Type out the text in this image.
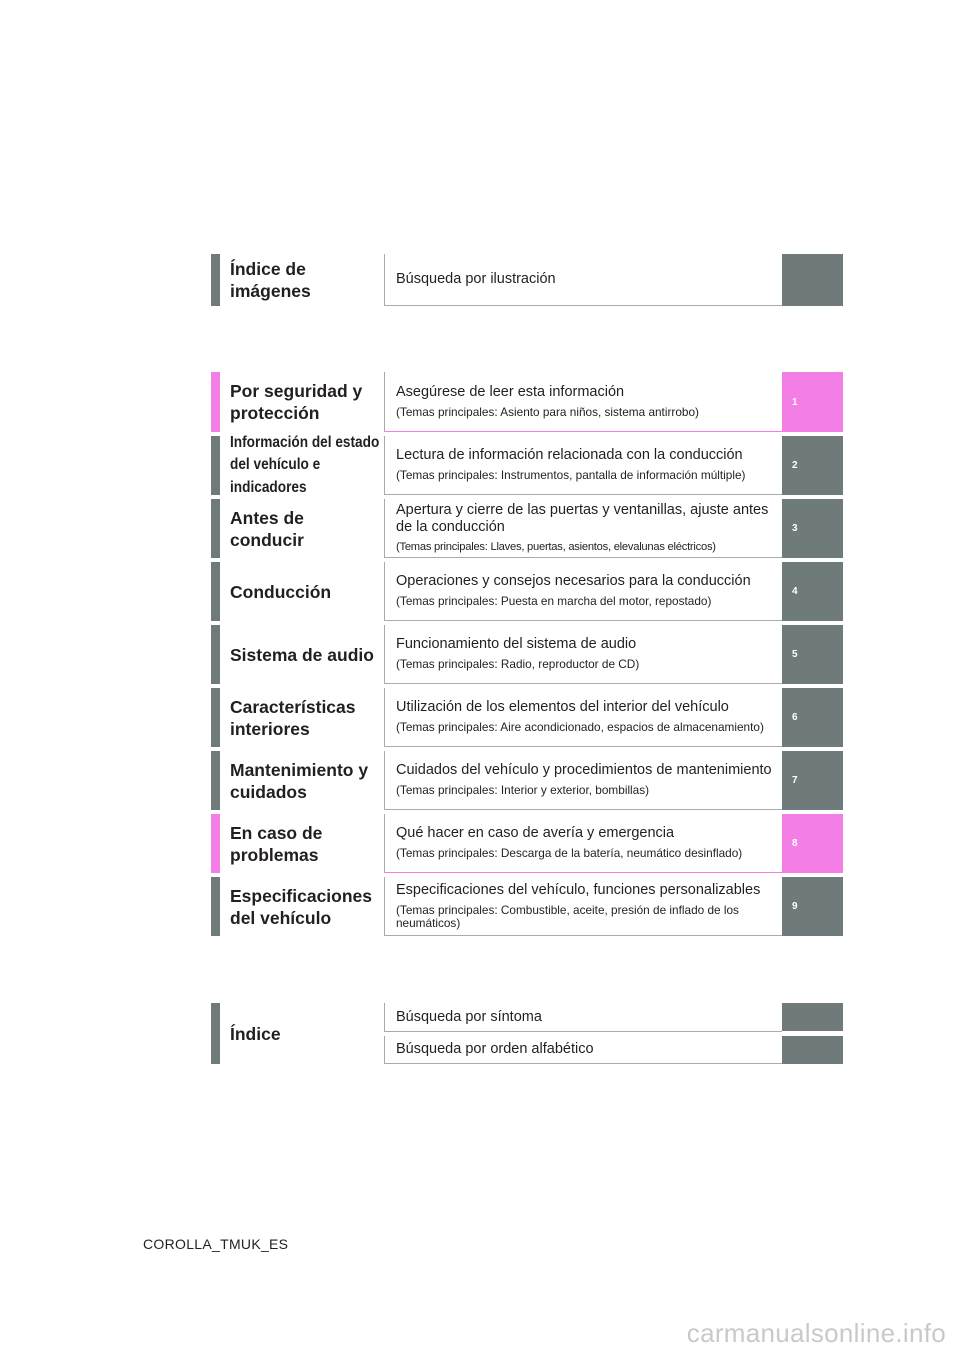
Índice de imágenes
Búsqueda por ilustración
Por seguridad y protección
Asegúrese de leer esta información
(Temas principales: Asiento para niños, sistema antirrobo)
1
Información del estado del vehículo e indicadores
Lectura de información relacionada con la conducción
(Temas principales: Instrumentos, pantalla de información múltiple)
2
Antes de conducir
Apertura y cierre de las puertas y ventanillas, ajuste antes de la conducción
(Temas principales: Llaves, puertas, asientos, elevalunas eléctricos)
3
Conducción
Operaciones y consejos necesarios para la conducción
(Temas principales: Puesta en marcha del motor, repostado)
4
Sistema de audio
Funcionamiento del sistema de audio
(Temas principales: Radio, reproductor de CD)
5
Características interiores
Utilización de los elementos del interior del vehículo
(Temas principales: Aire acondicionado, espacios de almacenamiento)
6
Mantenimiento y cuidados
Cuidados del vehículo y procedimientos de mantenimiento
(Temas principales: Interior y exterior, bombillas)
7
En caso de problemas
Qué hacer en caso de avería y emergencia
(Temas principales: Descarga de la batería, neumático desinflado)
8
Especificaciones del vehículo
Especificaciones del vehículo, funciones personalizables
(Temas principales: Combustible, aceite, presión de inflado de los neumáticos)
9
Índice
Búsqueda por síntoma
Búsqueda por orden alfabético
COROLLA_TMUK_ES
carmanualsonline.info
